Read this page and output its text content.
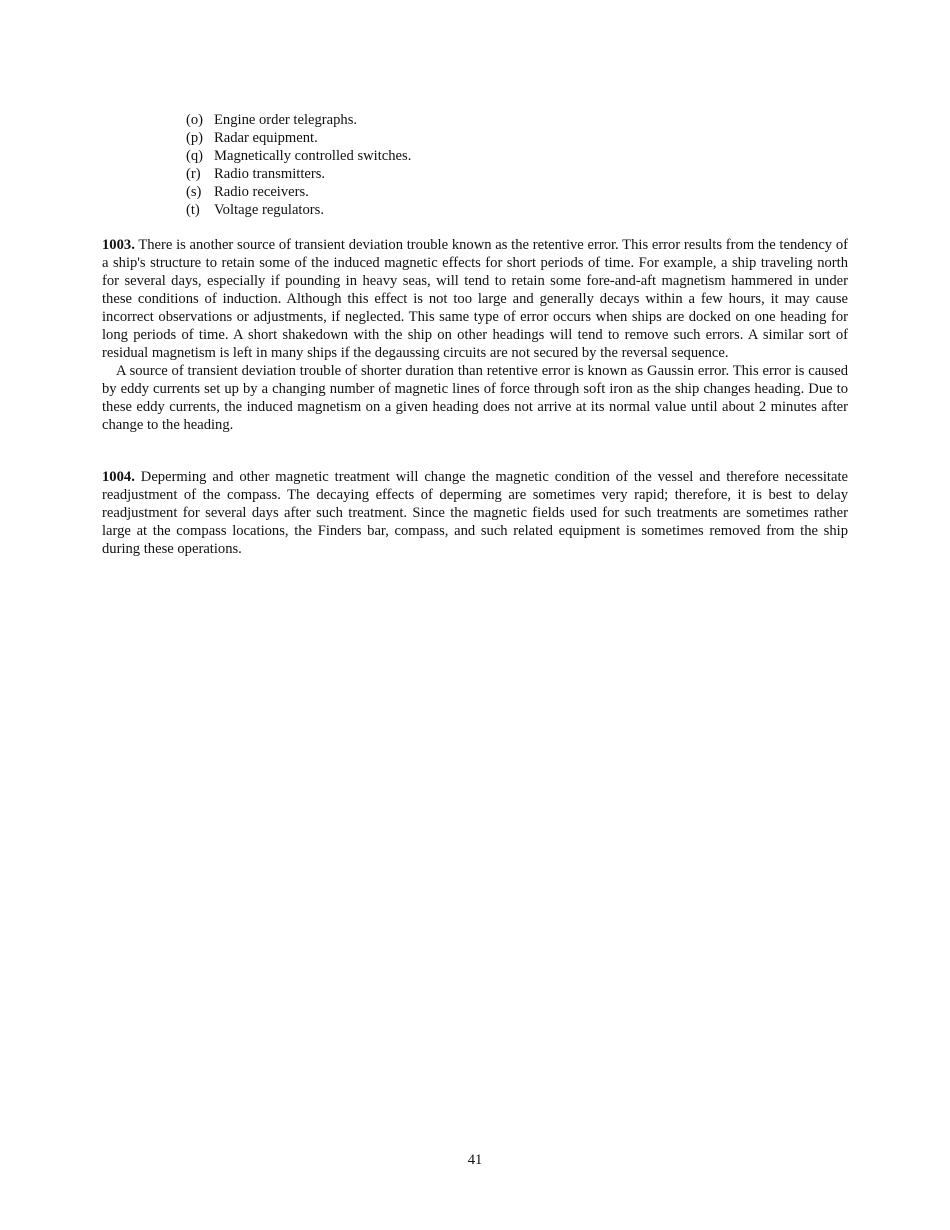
(o) Engine order telegraphs.
(p) Radar equipment.
(q) Magnetically controlled switches.
(r) Radio transmitters.
(s) Radio receivers.
(t) Voltage regulators.

1003. There is another source of transient deviation trouble known as the retentive error. This error results from the tendency of a ship's structure to retain some of the induced magnetic effects for short periods of time. For example, a ship traveling north for several days, especially if pounding in heavy seas, will tend to retain some fore-and-aft magnetism hammered in under these conditions of induction. Although this effect is not too large and generally decays within a few hours, it may cause incorrect observations or adjustments, if neglected. This same type of error occurs when ships are docked on one heading for long periods of time. A short shakedown with the ship on other headings will tend to remove such errors. A similar sort of residual magnetism is left in many ships if the degaussing circuits are not secured by the reversal sequence.

A source of transient deviation trouble of shorter duration than retentive error is known as Gaussin error. This error is caused by eddy currents set up by a changing number of magnetic lines of force through soft iron as the ship changes heading. Due to these eddy currents, the induced magnetism on a given heading does not arrive at its normal value until about 2 minutes after change to the heading.

1004. Deperming and other magnetic treatment will change the magnetic condition of the vessel and therefore necessitate readjustment of the compass. The decaying effects of deperming are sometimes very rapid; therefore, it is best to delay readjustment for several days after such treatment. Since the magnetic fields used for such treatments are sometimes rather large at the compass locations, the Finders bar, compass, and such related equipment is sometimes removed from the ship during these operations.

41
